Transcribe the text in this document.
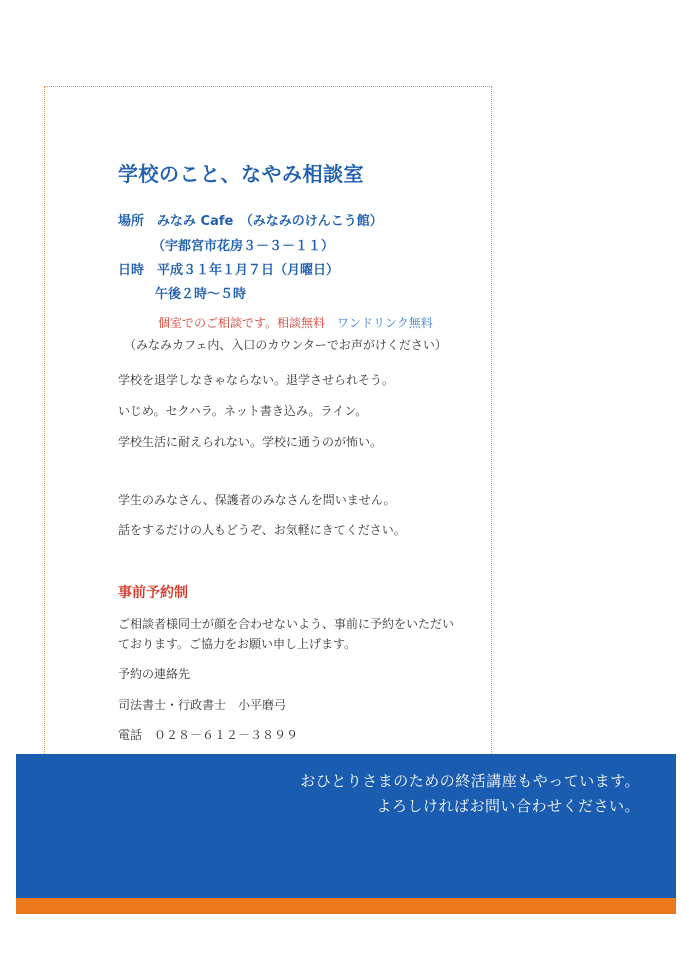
学校のこと、なやみ相談室
場所　みなみ Cafe　（みなみのけんこう館）
（宇都宮市花房３－３－１１）
日時　平成３１年１月７日（月曜日）
午後２時～５時
個室でのご相談です。相談無料 ワンドリンク無料
（みなみカフェ内、入口のカウンターでお声がけください）
学校を退学しなきゃならない。退学させられそう。
いじめ。セクハラ。ネット書き込み。ライン。
学校生活に耐えられない。学校に通うのが怖い。
学生のみなさん、保護者のみなさんを問いません。
話をするだけの人もどうぞ、お気軽にきてください。
事前予約制
ご相談者様同士が顔を合わせないよう、事前に予約をいただい
ております。ご協力をお願い申し上げます。
予約の連絡先
司法書士・行政書士　小平磨弓
電話　０２８－６１２－３８９９
おひとりさまのための終活講座もやっています。
よろしければお問い合わせください。
